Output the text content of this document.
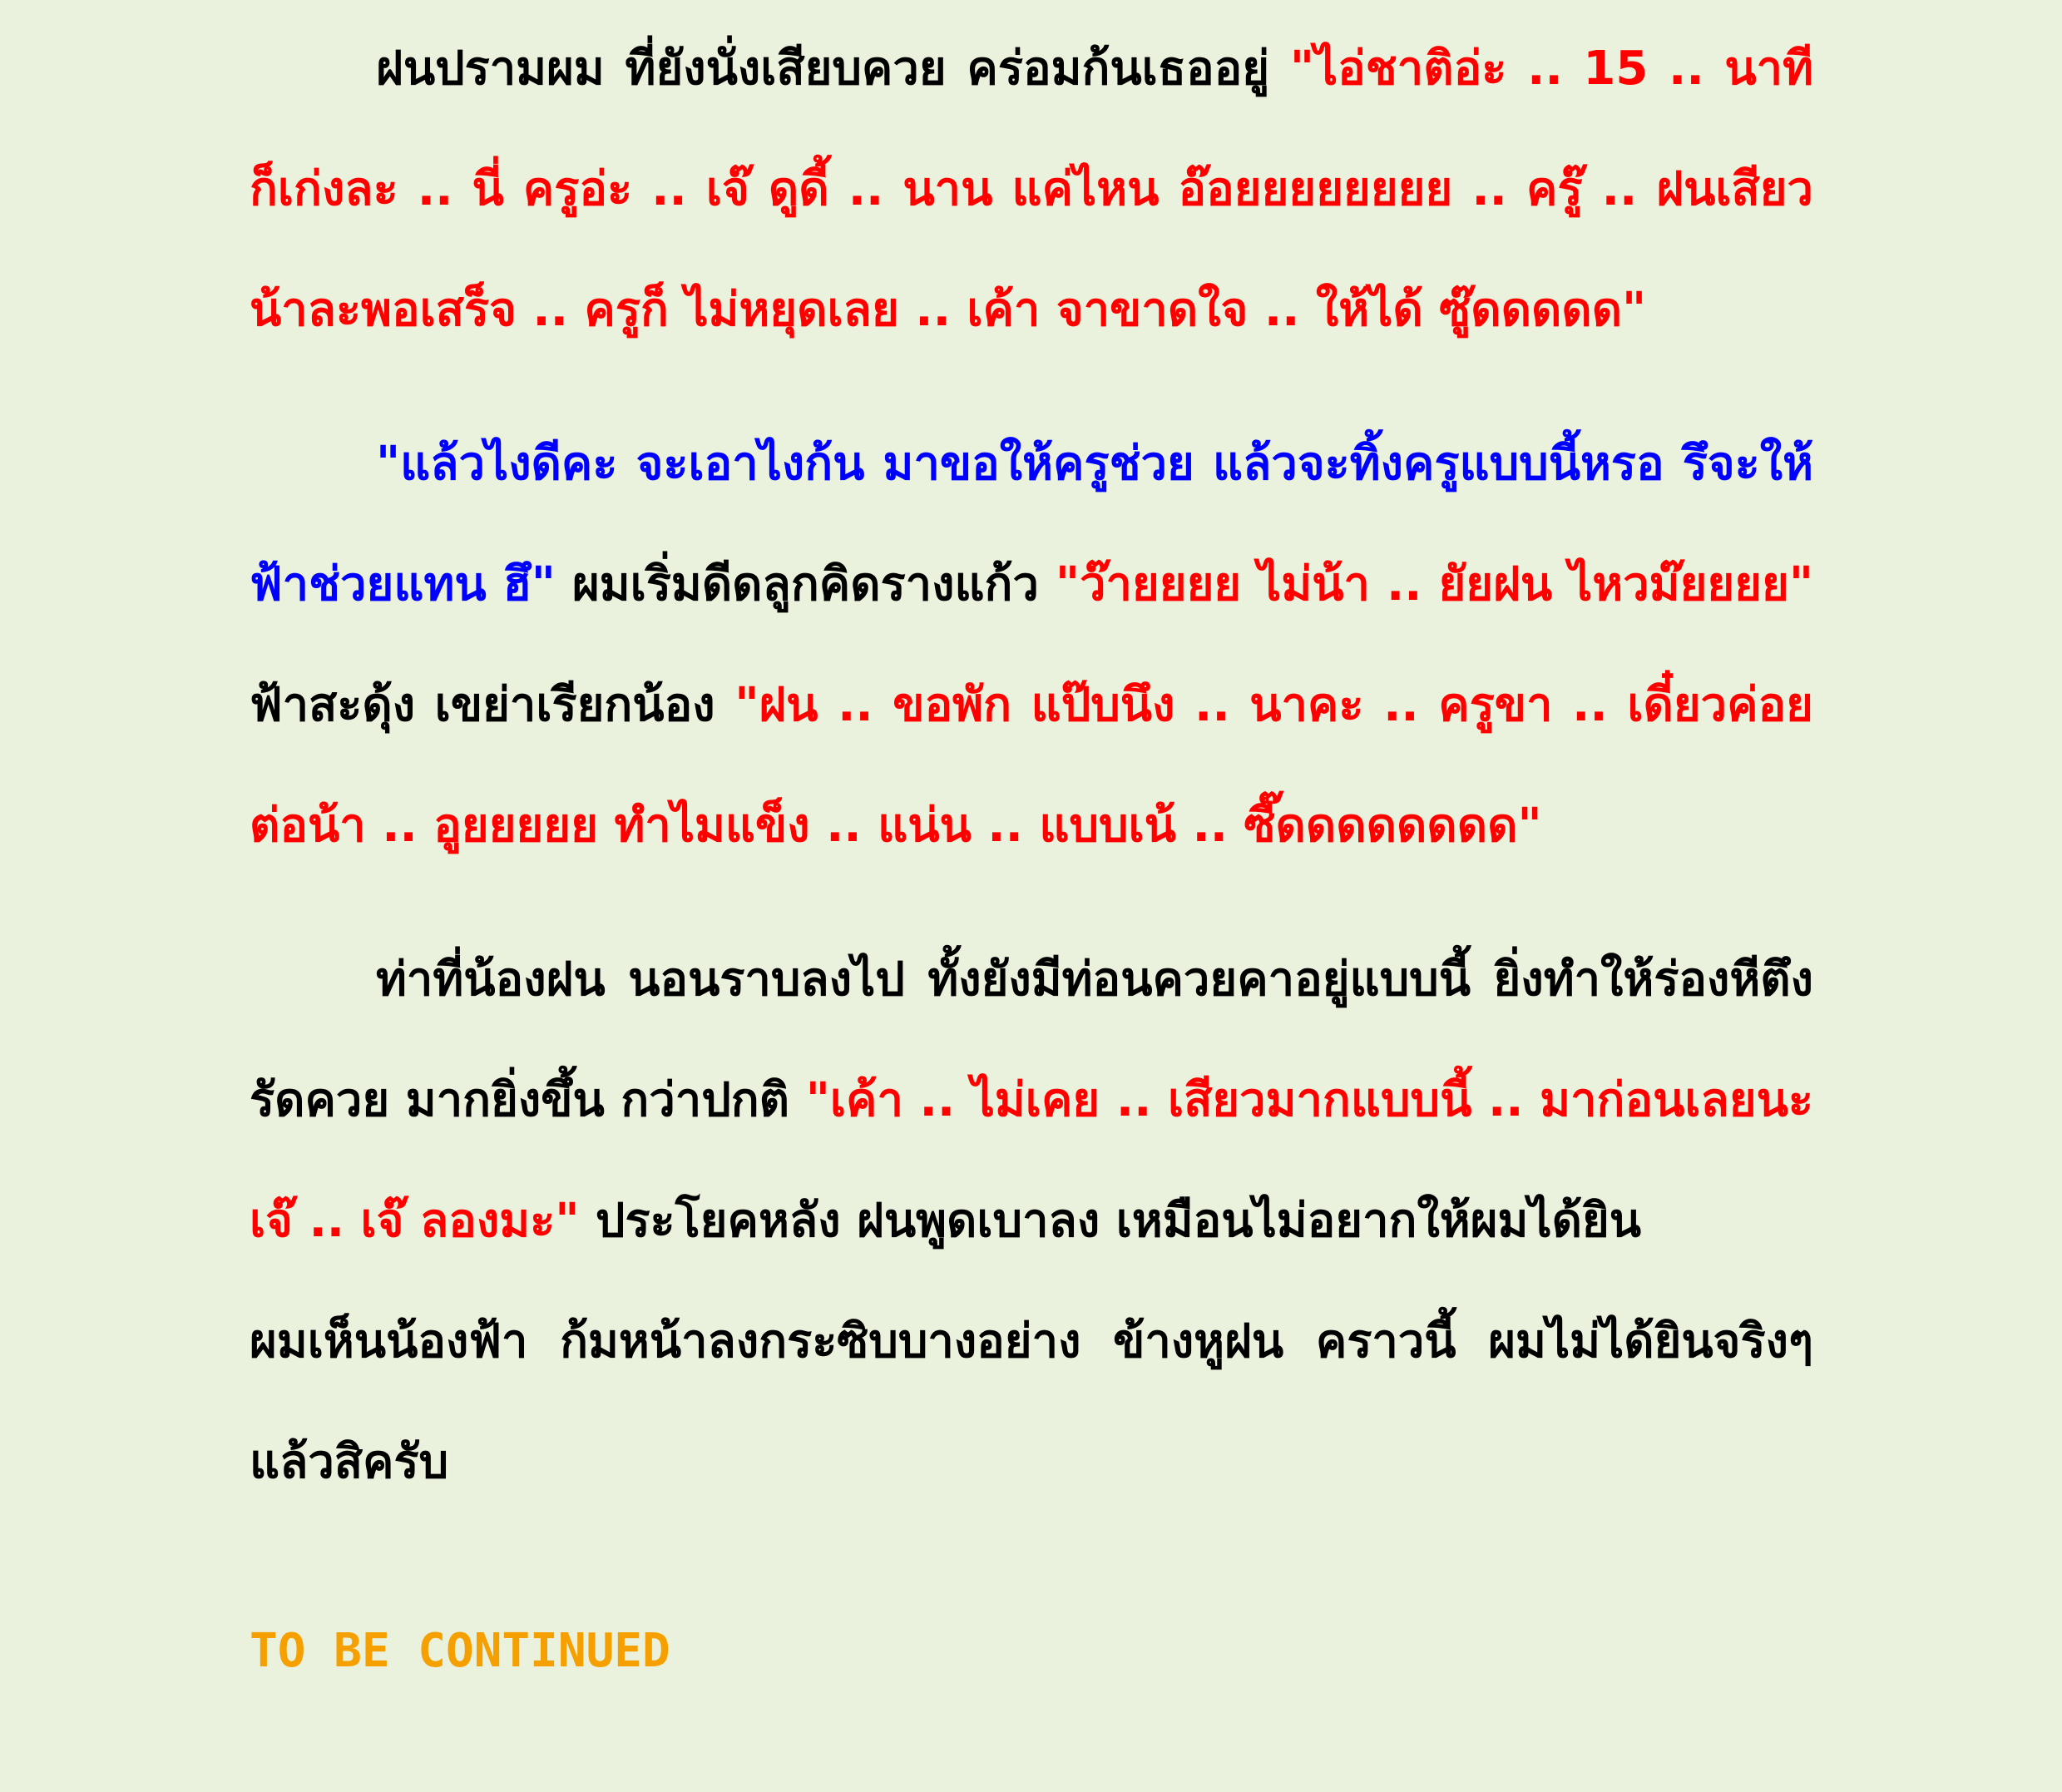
ฝนปรามผม ที่ยังนั่งเสียบควย คร่อมก้นเธออยู่ "ไอ่ชาติอ่ะ .. 15 .. นาที ก็เก่งละ .. นี่ ครูอ่ะ .. เจ๊ ดูดี้ .. นาน แค่ไหน อ๊อยยยยยยยย .. ครู๊ .. ฝนเสียวน้าละพอเสร็จ .. ครูก็ ไม่หยุดเลย .. เค้า จาขาดใจ .. ให้ได้ ซู๊ดดดดด"

"แล้วไงดีคะ จะเอาไงก้น มาขอให้ครูช่วย แล้วจะทิ้งครูแบบนี้หรอ รึจะให้ฟ้าช่วยแทน ฮึ" ผมเริ่มดีดลูกคิดรางแก้ว "ว๊ายยยย ไม่น้า .. ยัยฝน ไหวม๊ยยยย" ฟ้าสะดุ้ง เขย่าเรียกน้อง "ฝน .. ขอพัก แป๊บนึง .. นาคะ .. ครูขา .. เดี๋ยวค่อยต่อน้า .. อูยยยยย ทำไมแข็ง .. แน่น .. แบบเน้ .. ซี๊ดดดดดดดด"

ท่าที่น้องฝน นอนราบลงไป ทั้งยังมีท่อนควยคาอยู่แบบนี้ ยิ่งทำให้ร่องหีตึงรัดควย มากยิ่งขึ้น กว่าปกติ "เค้า .. ไม่เคย .. เสียวมากแบบนี้ .. มาก่อนเลยนะเจ๊ .. เจ๊ ลองมะ" ประโยคหลัง ฝนพูดเบาลง เหมือนไม่อยากให้ผมได้ยิน

ผมเห็นน้องฟ้า ก้มหน้าลงกระซิบบางอย่าง ข้างหูฝน คราวนี้ ผมไม่ได้ยินจริงๆแล้วสิครับ

TO BE CONTINUED
